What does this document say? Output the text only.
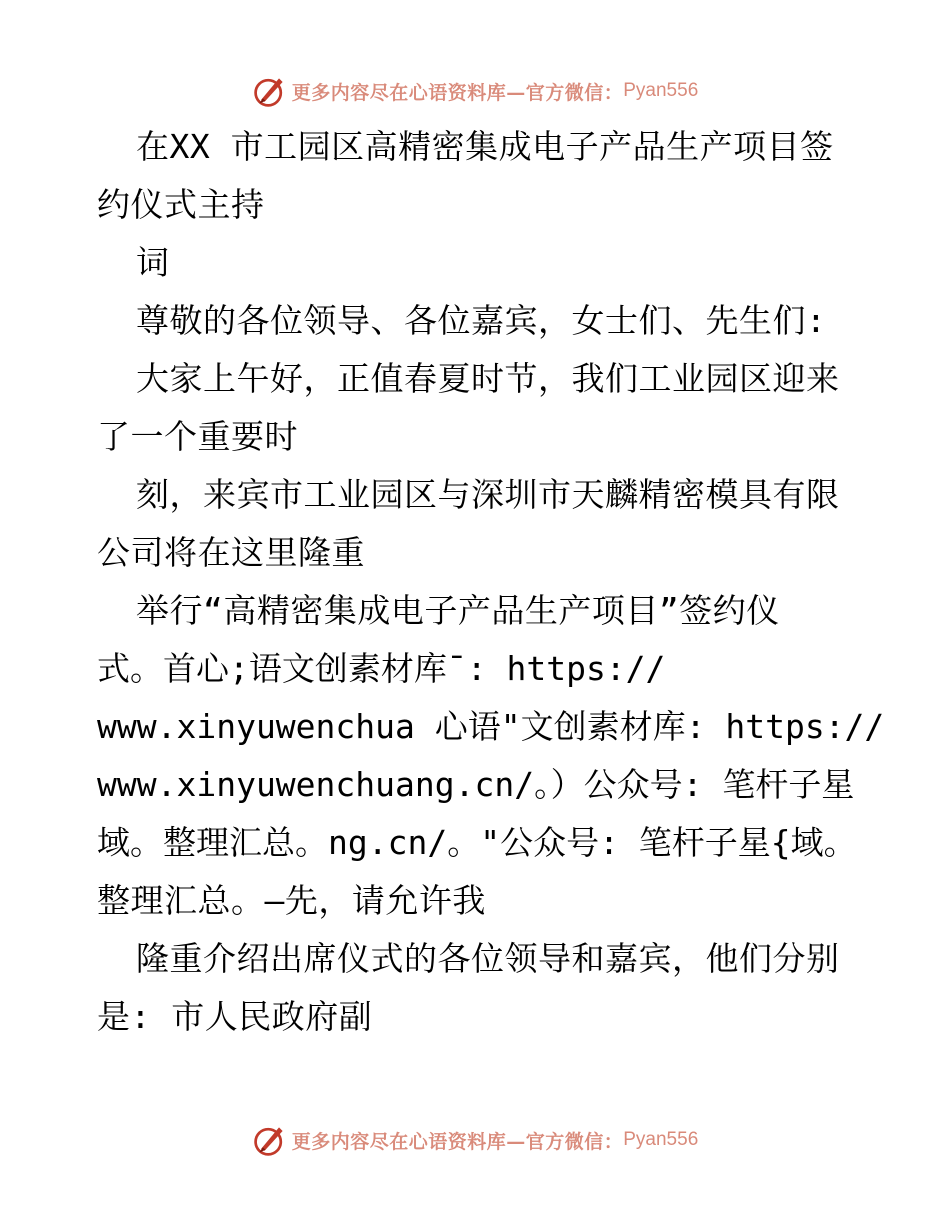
更多内容尽在心语资料库—官方微信： Pyan556
在XX 市工园区高精密集成电子产品生产项目签
约仪式主持
词
尊敬的各位领导、各位嘉宾，女士们、先生们:
大家上午好，正值春夏时节，我们工业园区迎来
了一个重要时
刻，来宾市工业园区与深圳市天麟精密模具有限
公司将在这里隆重
举行“高精密集成电子产品生产项目”签约仪
式。首心;语文创素材库¯: https://
www.xinyuwenchua 心语"文创素材库: https://
www.xinyuwenchuang.cn/。）公众号: 笔杆子星
域。整理汇总。ng.cn/。"公众号: 笔杆子星{域。
整理汇总。—先，请允许我
隆重介绍出席仪式的各位领导和嘉宾，他们分别
是: 市人民政府副
更多内容尽在心语资料库—官方微信： Pyan556
